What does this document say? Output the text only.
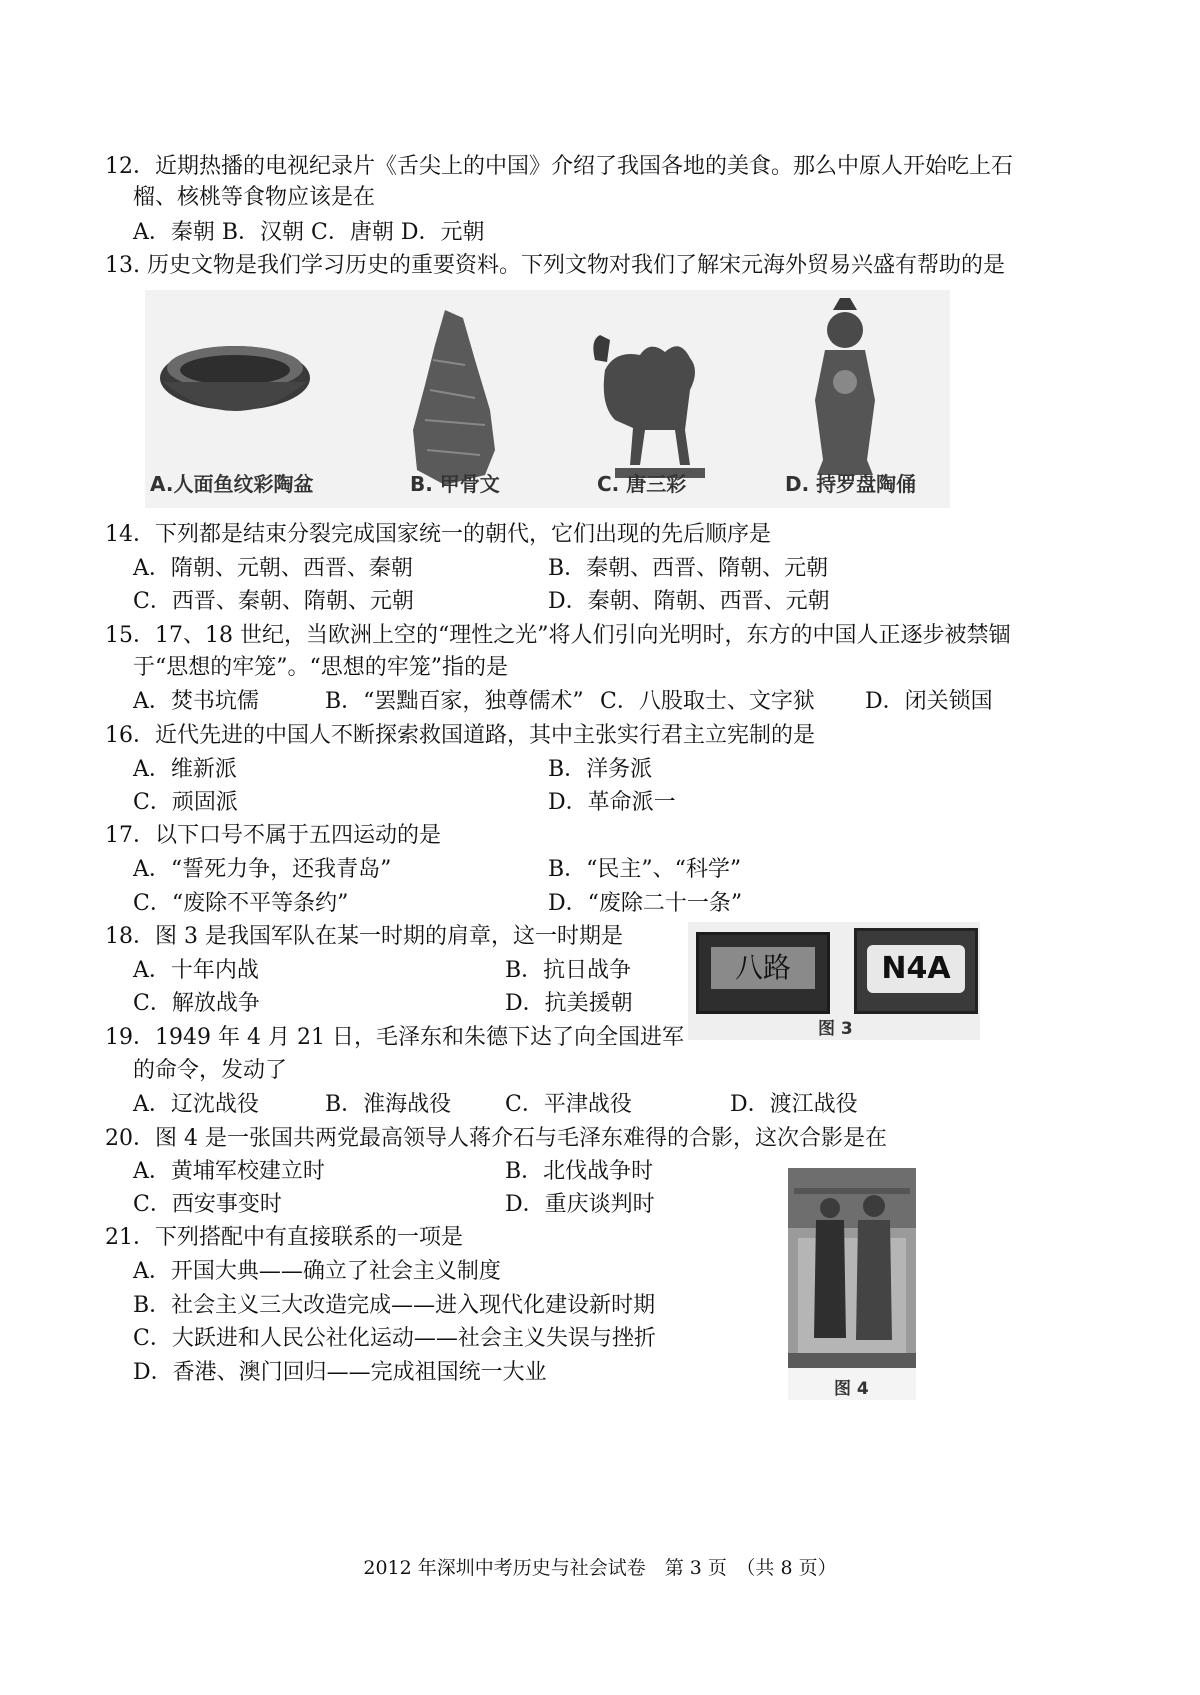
12．近期热播的电视纪录片《舌尖上的中国》介绍了我国各地的美食。那么中原人开始吃上石
榴、核桃等食物应该是在
A．秦朝 B．汉朝 C．唐朝 D．元朝
13. 历史文物是我们学习历史的重要资料。下列文物对我们了解宋元海外贸易兴盛有帮助的是
A.人面鱼纹彩陶盆	B. 甲骨文	C. 唐三彩	D. 持罗盘陶俑
14．下列都是结束分裂完成国家统一的朝代，它们出现的先后顺序是
A．隋朝、元朝、西晋、秦朝	B．秦朝、西晋、隋朝、元朝
C．西晋、秦朝、隋朝、元朝	D．秦朝、隋朝、西晋、元朝
15．17、18 世纪，当欧洲上空的“理性之光”将人们引向光明时，东方的中国人正逐步被禁锢
于“思想的牢笼”。“思想的牢笼”指的是
A．焚书坑儒	B．“罢黜百家，独尊儒术” C．八股取士、文字狱 D．闭关锁国
16．近代先进的中国人不断探索救国道路，其中主张实行君主立宪制的是
A．维新派	B．洋务派
C．顽固派	D．革命派一
17．以下口号不属于五四运动的是
A．“誓死力争，还我青岛”	B．“民主”、“科学”
C．“废除不平等条约”	D．“废除二十一条”
18．图 3 是我国军队在某一时期的肩章，这一时期是
A．十年内战	B．抗日战争
C．解放战争	D．抗美援朝
八路	N4A
图 3
19．1949 年 4 月 21 日，毛泽东和朱德下达了向全国进军
的命令，发动了
A．辽沈战役	B．淮海战役 C．平津战役	D．渡江战役
20．图 4 是一张国共两党最高领导人蒋介石与毛泽东难得的合影，这次合影是在
A．黄埔军校建立时	B．北伐战争时
C．西安事变时	D．重庆谈判时
图 4
21．下列搭配中有直接联系的一项是
A．开国大典——确立了社会主义制度
B．社会主义三大改造完成——进入现代化建设新时期
C．大跃进和人民公社化运动——社会主义失误与挫折
D．香港、澳门回归——完成祖国统一大业
2012 年深圳中考历史与社会试卷　第 3 页　（共 8 页）
